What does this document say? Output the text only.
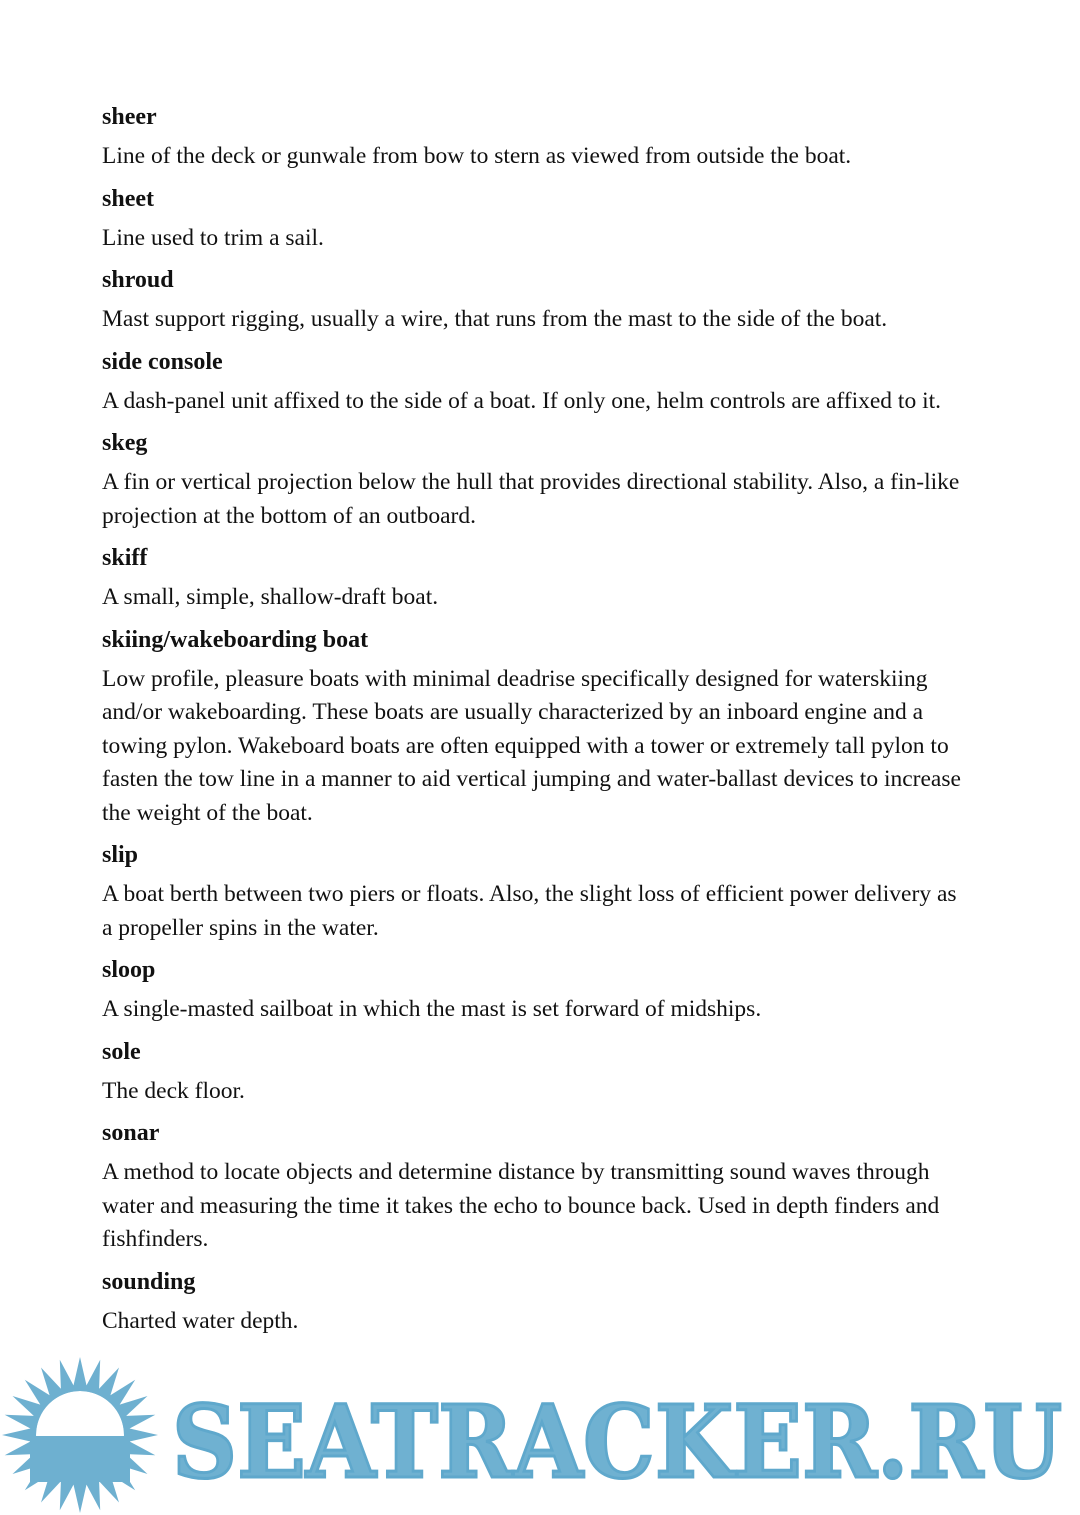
sheer

Line of the deck or gunwale from bow to stern as viewed from outside the boat.

sheet

Line used to trim a sail.

shroud

Mast support rigging, usually a wire, that runs from the mast to the side of the boat.

side console

A dash-panel unit affixed to the side of a boat. If only one, helm controls are affixed to it.

skeg

A fin or vertical projection below the hull that provides directional stability. Also, a fin-like projection at the bottom of an outboard.

skiff

A small, simple, shallow-draft boat.

skiing/wakeboarding boat

Low profile, pleasure boats with minimal deadrise specifically designed for waterskiing and/or wakeboarding. These boats are usually characterized by an inboard engine and a towing pylon. Wakeboard boats are often equipped with a tower or extremely tall pylon to fasten the tow line in a manner to aid vertical jumping and water-ballast devices to increase the weight of the boat.

slip

A boat berth between two piers or floats. Also, the slight loss of efficient power delivery as a propeller spins in the water.

sloop

A single-masted sailboat in which the mast is set forward of midships.

sole

The deck floor.

sonar

A method to locate objects and determine distance by transmitting sound waves through water and measuring the time it takes the echo to bounce back. Used in depth finders and fishfinders.

sounding

Charted water depth.

SEATRACKER.RU
